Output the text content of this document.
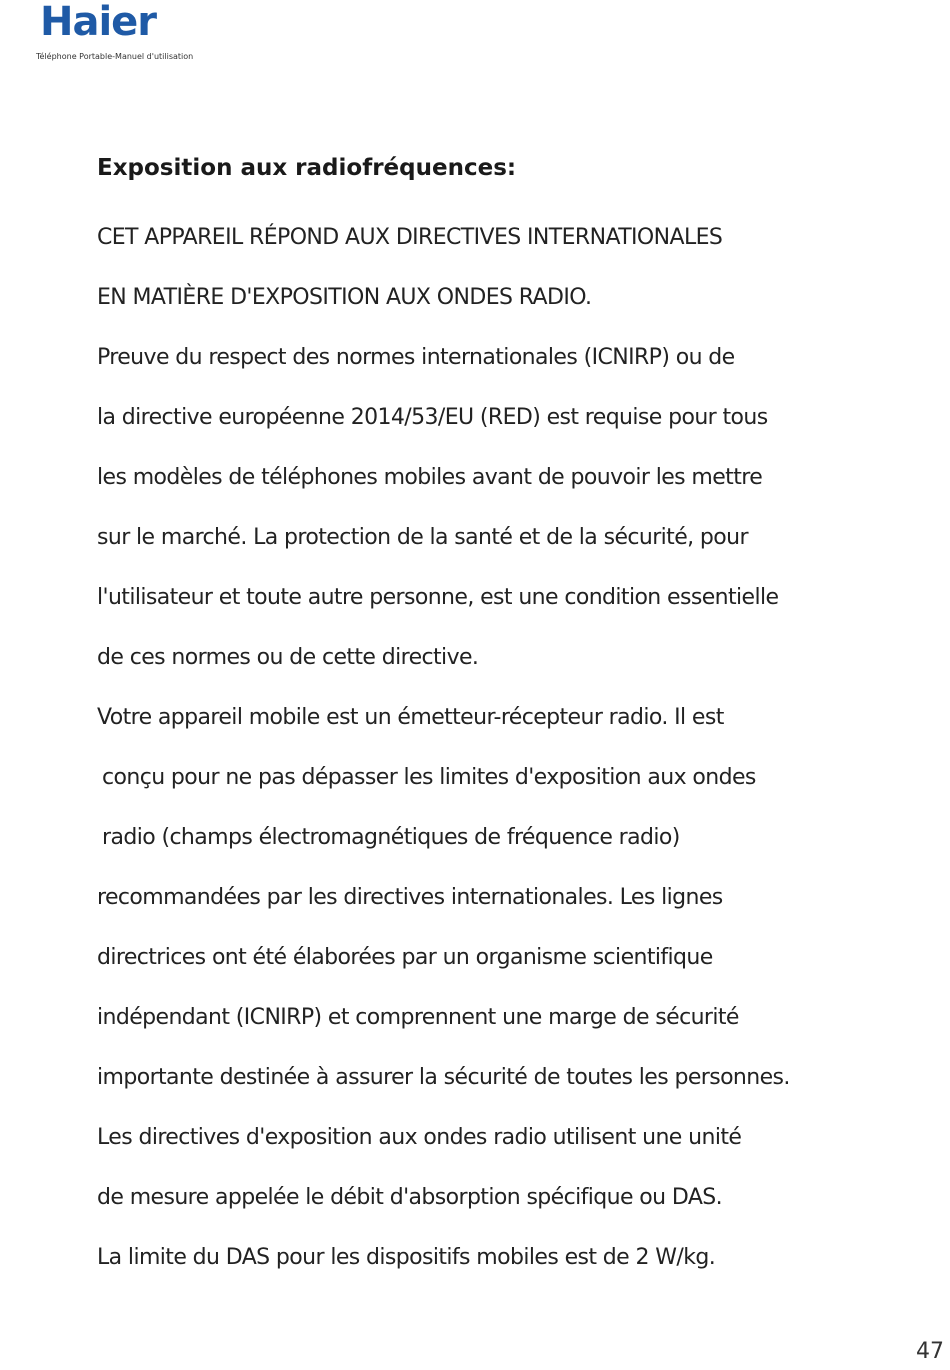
Haier
Téléphone Portable-Manuel d'utilisation
Exposition aux radiofréquences:
CET APPAREIL RÉPOND AUX DIRECTIVES INTERNATIONALES
EN MATIÈRE D'EXPOSITION AUX ONDES RADIO.
Preuve du respect des normes internationales (ICNIRP) ou de
la directive européenne 2014/53/EU (RED) est requise pour tous
les modèles de téléphones mobiles avant de pouvoir les mettre
sur le marché. La protection de la santé et de la sécurité, pour
l'utilisateur et toute autre personne, est une condition essentielle
de ces normes ou de cette directive.
Votre appareil mobile est un émetteur-récepteur radio. Il est
conçu pour ne pas dépasser les limites d'exposition aux ondes
radio (champs électromagnétiques de fréquence radio)
recommandées par les directives internationales. Les lignes
directrices ont été élaborées par un organisme scientifique
indépendant (ICNIRP) et comprennent une marge de sécurité
importante destinée à assurer la sécurité de toutes les personnes.
Les directives d'exposition aux ondes radio utilisent une unité
de mesure appelée le débit d'absorption spécifique ou DAS.
La limite du DAS pour les dispositifs mobiles est de 2 W/kg.
47
